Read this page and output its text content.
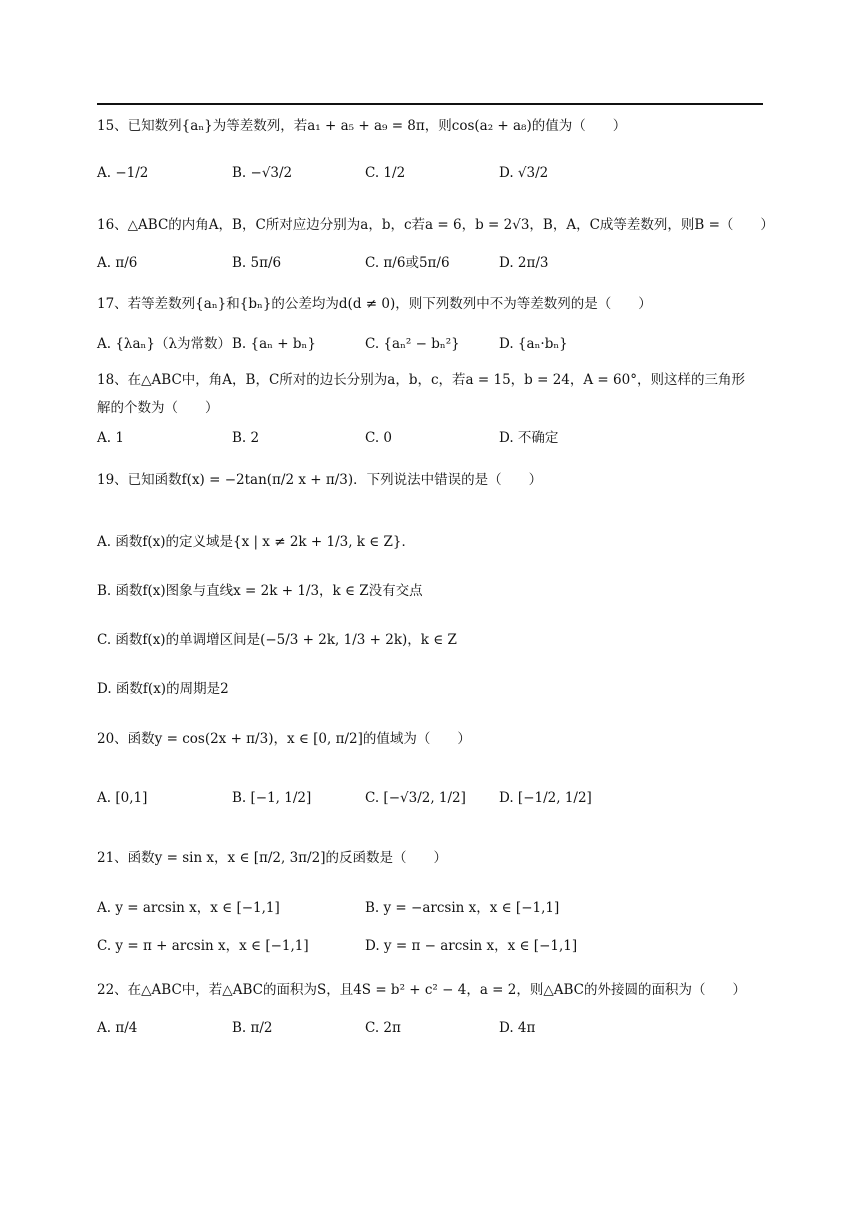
15、已知数列{aₙ}为等差数列，若a₁ + a₅ + a₉ = 8π，则cos(a₂ + a₈)的值为（　　）
A. −1/2	B. −√3/2	C. 1/2	D. √3/2
16、△ABC的内角A，B，C所对应边分别为a，b，c若a = 6，b = 2√3，B，A，C成等差数列，则B =（　　）
A. π/6	B. 5π/6	C. π/6或5π/6	D. 2π/3
17、若等差数列{aₙ}和{bₙ}的公差均为d(d ≠ 0)，则下列数列中不为等差数列的是（　　）
A. {λaₙ}（λ为常数） B. {aₙ + bₙ}	C. {aₙ² − bₙ²}	D. {aₙ·bₙ}
18、在△ABC中，角A，B，C所对的边长分别为a，b，c，若a = 15，b = 24，A = 60°，则这样的三角形
解的个数为（　　）
A. 1	B. 2	C. 0	D. 不确定
19、已知函数f(x) = −2tan(π/2 x + π/3)．下列说法中错误的是（　　）
A. 函数f(x)的定义域是{x | x ≠ 2k + 1/3, k ∈ Z}．
B. 函数f(x)图象与直线x = 2k + 1/3，k ∈ Z没有交点
C. 函数f(x)的单调增区间是(−5/3 + 2k, 1/3 + 2k)，k ∈ Z
D. 函数f(x)的周期是2
20、函数y = cos(2x + π/3)，x ∈ [0, π/2]的值域为（　　）
A. [0,1]	B. [−1, 1/2]	C. [−√3/2, 1/2] D. [−1/2, 1/2]
21、函数y = sin x，x ∈ [π/2, 3π/2]的反函数是（　　）
A. y = arcsin x，x ∈ [−1,1]	B. y = −arcsin x，x ∈ [−1,1]
C. y = π + arcsin x，x ∈ [−1,1]	D. y = π − arcsin x，x ∈ [−1,1]
22、在△ABC中，若△ABC的面积为S，且4S = b² + c² − 4，a = 2，则△ABC的外接圆的面积为（　　）
A. π/4	B. π/2	C. 2π	D. 4π
